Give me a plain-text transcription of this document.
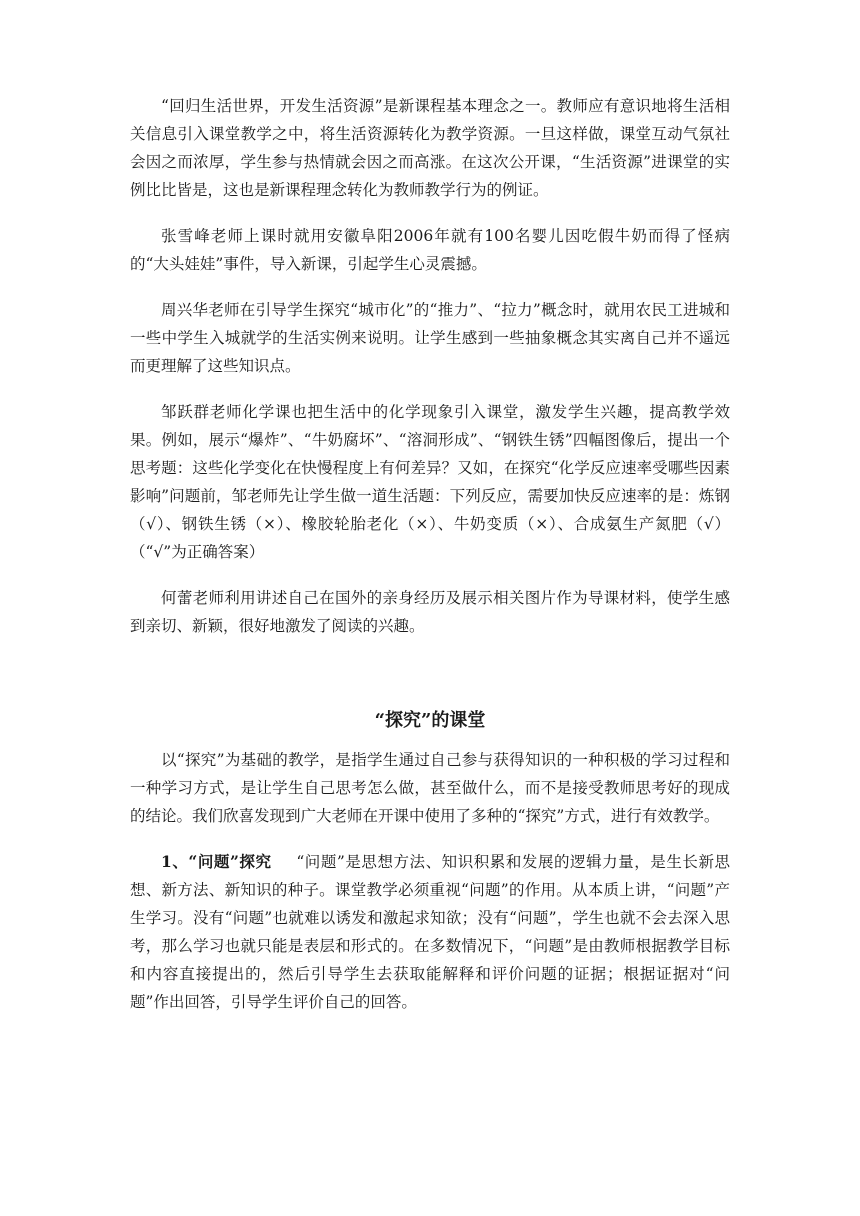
“回归生活世界，开发生活资源”是新课程基本理念之一。教师应有意识地将生活相关信息引入课堂教学之中，将生活资源转化为教学资源。一旦这样做，课堂互动气氛社会因之而浓厚，学生参与热情就会因之而高涨。在这次公开课，“生活资源”进课堂的实例比比皆是，这也是新课程理念转化为教师教学行为的例证。

张雪峰老师上课时就用安徽阜阳2006年就有100名婴儿因吃假牛奶而得了怪病的“大头娃娃”事件，导入新课，引起学生心灵震撼。

周兴华老师在引导学生探究“城市化”的“推力”、“拉力”概念时，就用农民工进城和一些中学生入城就学的生活实例来说明。让学生感到一些抽象概念其实离自己并不遥远而更理解了这些知识点。

邹跃群老师化学课也把生活中的化学现象引入课堂，激发学生兴趣，提高教学效果。例如，展示“爆炸”、“牛奶腐坏”、“溶洞形成”、“钢铁生锈”四幅图像后，提出一个思考题：这些化学变化在快慢程度上有何差异？又如，在探究“化学反应速率受哪些因素影响”问题前，邹老师先让学生做一道生活题：下列反应，需要加快反应速率的是：炼钢（√）、钢铁生锈（×）、橡胶轮胎老化（×）、牛奶变质（×）、合成氨生产氮肥（√）（“√”为正确答案）

何蕾老师利用讲述自己在国外的亲身经历及展示相关图片作为导课材料，使学生感到亲切、新颖，很好地激发了阅读的兴趣。

“探究”的课堂

以“探究”为基础的教学，是指学生通过自己参与获得知识的一种积极的学习过程和一种学习方式，是让学生自己思考怎么做，甚至做什么，而不是接受教师思考好的现成的结论。我们欣喜发现到广大老师在开课中使用了多种的“探究”方式，进行有效教学。

1、“问题”探究 “问题”是思想方法、知识积累和发展的逻辑力量，是生长新思想、新方法、新知识的种子。课堂教学必须重视“问题”的作用。从本质上讲，“问题”产生学习。没有“问题”也就难以诱发和激起求知欲；没有“问题”，学生也就不会去深入思考，那么学习也就只能是表层和形式的。在多数情况下，“问题”是由教师根据教学目标和内容直接提出的，然后引导学生去获取能解释和评价问题的证据；根据证据对“问题”作出回答，引导学生评价自己的回答。
